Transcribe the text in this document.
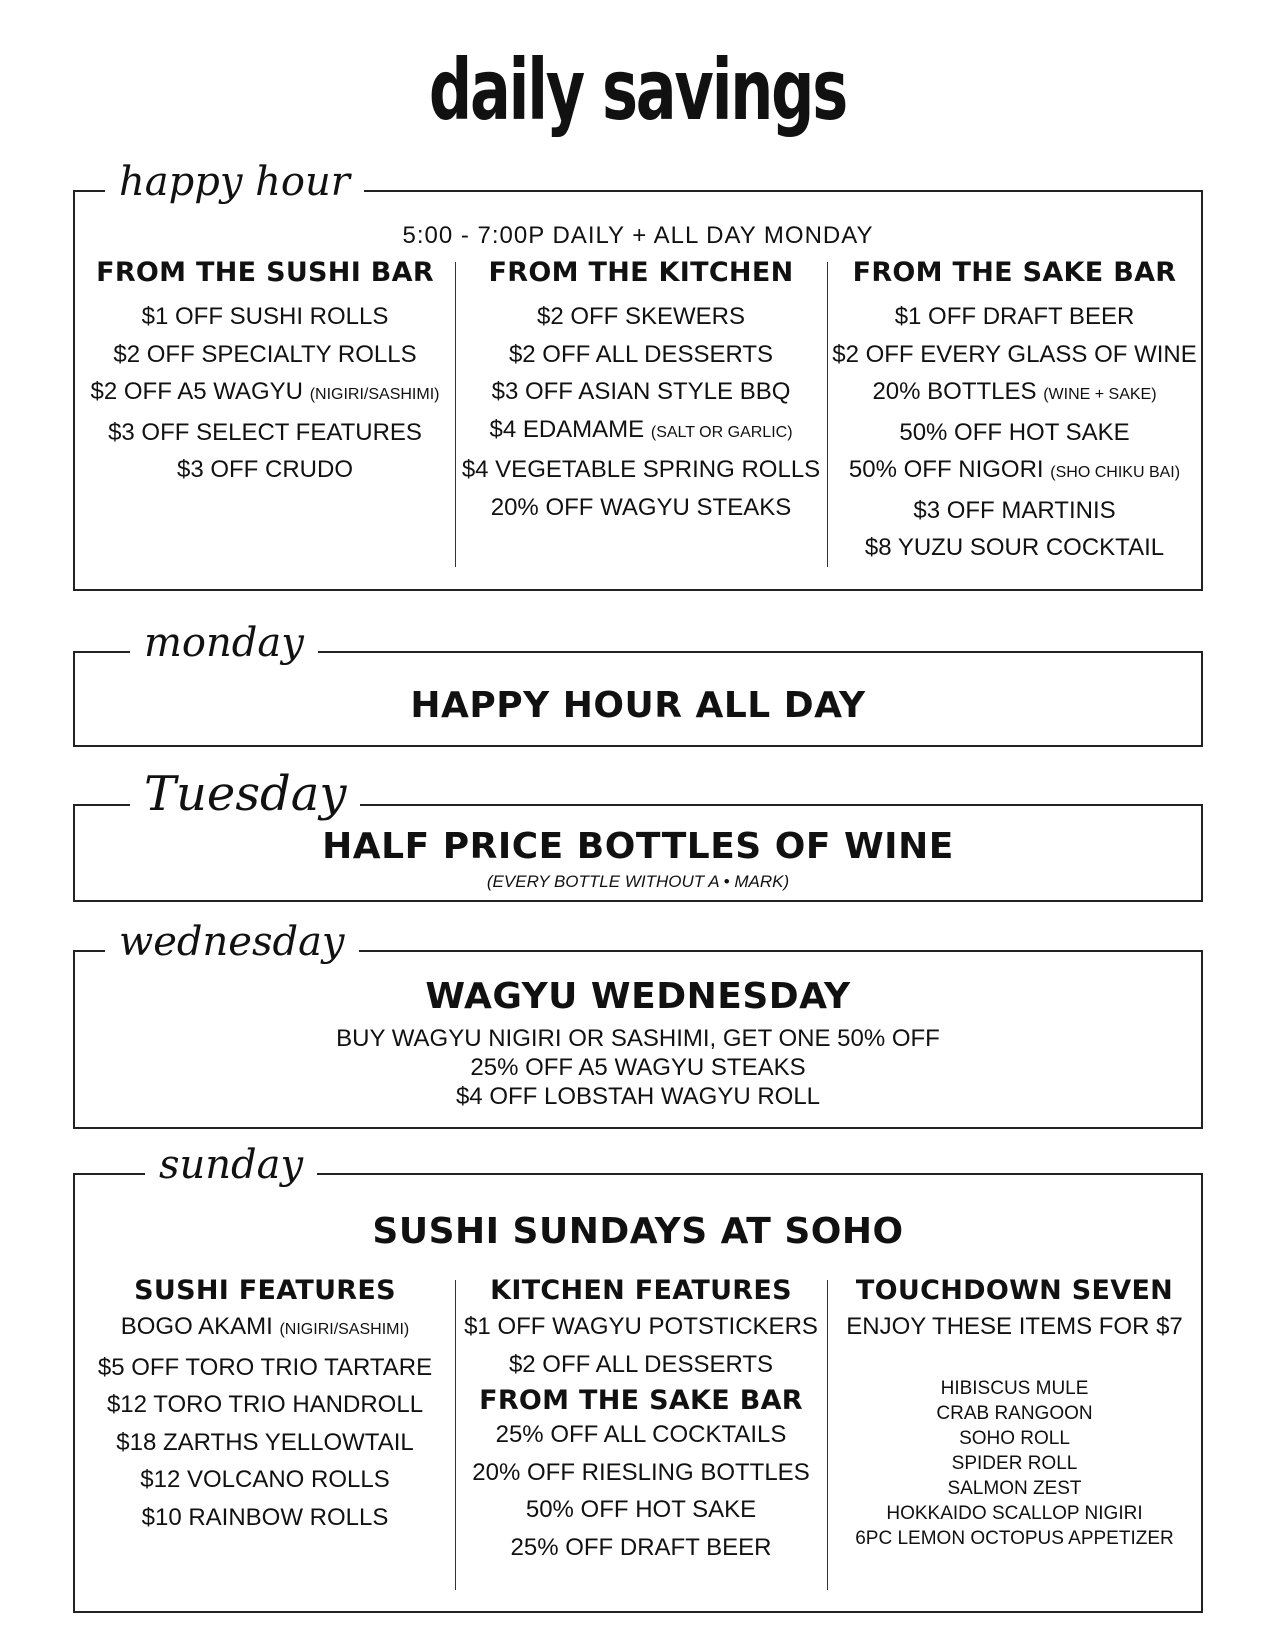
daily savings
happy hour
5:00 - 7:00P DAILY + ALL DAY MONDAY
FROM THE SUSHI BAR
$1 OFF SUSHI ROLLS
$2 OFF SPECIALTY ROLLS
$2 OFF A5 WAGYU (NIGIRI/SASHIMI)
$3 OFF SELECT FEATURES
$3 OFF CRUDO
FROM THE KITCHEN
$2 OFF SKEWERS
$2 OFF ALL DESSERTS
$3 OFF ASIAN STYLE BBQ
$4 EDAMAME (SALT OR GARLIC)
$4 VEGETABLE SPRING ROLLS
20% OFF WAGYU STEAKS
FROM THE SAKE BAR
$1 OFF DRAFT BEER
$2 OFF EVERY GLASS OF WINE
20% BOTTLES (WINE + SAKE)
50% OFF HOT SAKE
50% OFF NIGORI (SHO CHIKU BAI)
$3 OFF MARTINIS
$8 YUZU SOUR COCKTAIL
monday
HAPPY HOUR ALL DAY
Tuesday
HALF PRICE BOTTLES OF WINE
(EVERY BOTTLE WITHOUT A • MARK)
wednesday
WAGYU WEDNESDAY
BUY WAGYU NIGIRI OR SASHIMI, GET ONE 50% OFF
25% OFF A5 WAGYU STEAKS
$4 OFF LOBSTAH WAGYU ROLL
sunday
SUSHI SUNDAYS AT SOHO
SUSHI FEATURES
BOGO AKAMI (NIGIRI/SASHIMI)
$5 OFF TORO TRIO TARTARE
$12 TORO TRIO HANDROLL
$18 ZARTHS YELLOWTAIL
$12 VOLCANO ROLLS
$10 RAINBOW ROLLS
KITCHEN FEATURES
$1 OFF WAGYU POTSTICKERS
$2 OFF ALL DESSERTS
FROM THE SAKE BAR
25% OFF ALL COCKTAILS
20% OFF RIESLING BOTTLES
50% OFF HOT SAKE
25% OFF DRAFT BEER
TOUCHDOWN SEVEN
ENJOY THESE ITEMS FOR $7
HIBISCUS MULE
CRAB RANGOON
SOHO ROLL
SPIDER ROLL
SALMON ZEST
HOKKAIDO SCALLOP NIGIRI
6PC LEMON OCTOPUS APPETIZER
